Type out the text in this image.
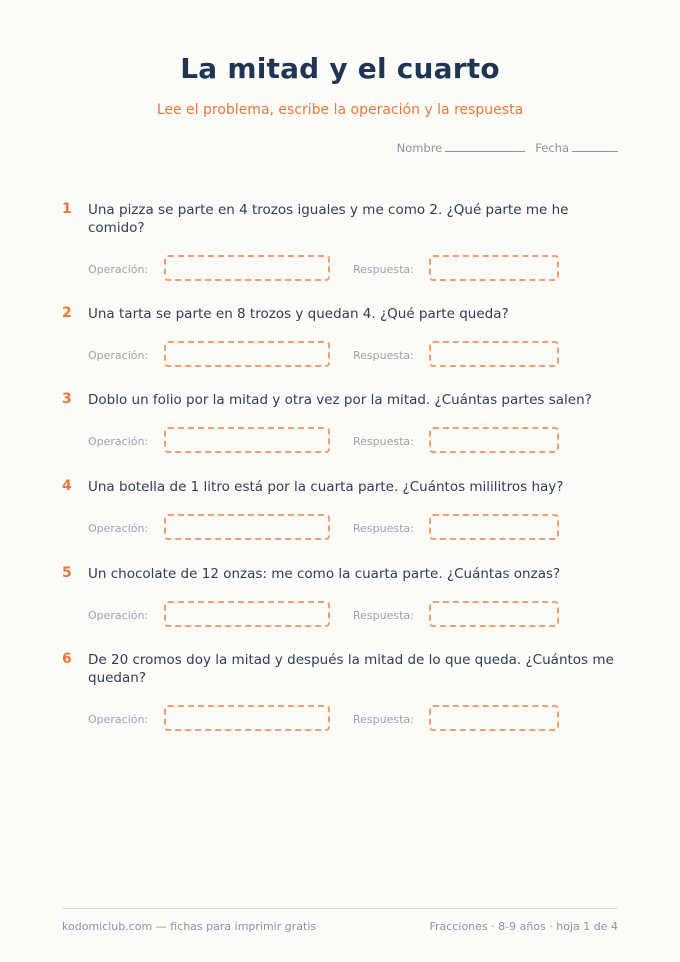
La mitad y el cuarto
Lee el problema, escribe la operación y la respuesta
Nombre	Fecha
1 Una pizza se parte en 4 trozos iguales y me como 2. ¿Qué parte me he comido?
Operación:	Respuesta:
2 Una tarta se parte en 8 trozos y quedan 4. ¿Qué parte queda?
Operación:	Respuesta:
3 Doblo un folio por la mitad y otra vez por la mitad. ¿Cuántas partes salen?
Operación:	Respuesta:
4 Una botella de 1 litro está por la cuarta parte. ¿Cuántos mililitros hay?
Operación:	Respuesta:
5 Un chocolate de 12 onzas: me como la cuarta parte. ¿Cuántas onzas?
Operación:	Respuesta:
6 De 20 cromos doy la mitad y después la mitad de lo que queda. ¿Cuántos me quedan?
Operación:	Respuesta:
kodomiclub.com — fichas para imprimir gratis	Fracciones · 8-9 años · hoja 1 de 4
